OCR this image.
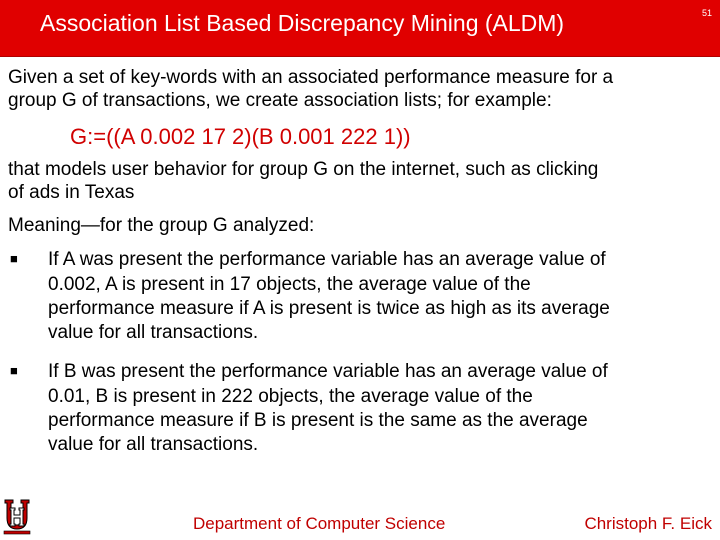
Association List Based Discrepancy Mining (ALDM)	51
Given a set of key-words with an associated performance measure for a
group G of transactions, we create association lists; for example:
G:=((A 0.002 17 2)(B 0.001 222 1))
that models user behavior for group G on the internet, such as clicking
of ads in Texas
Meaning—for the group G analyzed:
■ If A was present the performance variable has an average value of
0.002, A is present in 17 objects, the average value of the
performance measure if A is present is twice as high as its average
value for all transactions.
■ If B was present the performance variable has an average value of
0.01, B is present in 222 objects, the average value of the
performance measure if B is present is the same as the average
value for all transactions.
Department of Computer Science	Christoph F. Eick
